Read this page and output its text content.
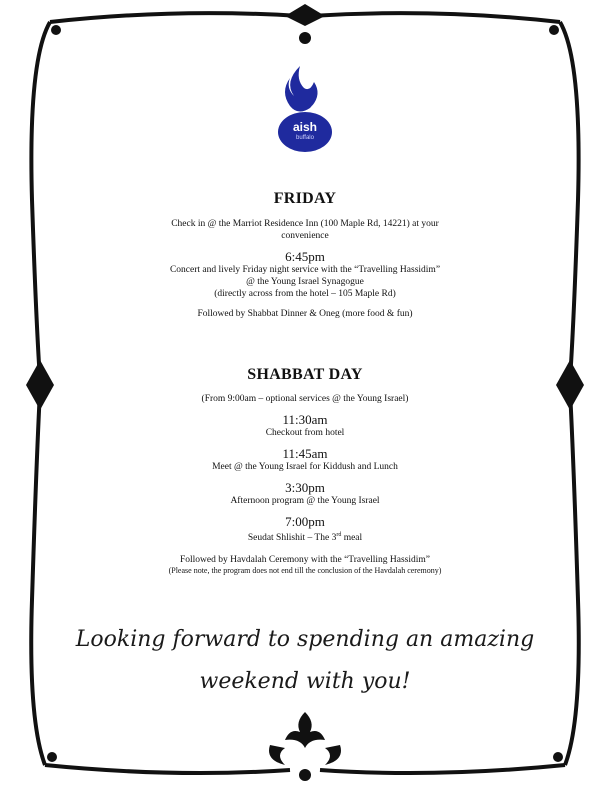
aish
buffalo
FRIDAY

Check in @ the Marriot Residence Inn (100 Maple Rd, 14221) at your

convenience

6:45pm

Concert and lively Friday night service with the “Travelling Hassidim”

@ the Young Israel Synagogue

(directly across from the hotel – 105 Maple Rd)

Followed by Shabbat Dinner & Oneg (more food & fun)

SHABBAT DAY

(From 9:00am – optional services @ the Young Israel)

11:30am

Checkout from hotel

11:45am

Meet @ the Young Israel for Kiddush and Lunch

3:30pm

Afternoon program @ the Young Israel

7:00pm

Seudat Shlishit – The 3rd meal

Followed by Havdalah Ceremony with the “Travelling Hassidim”

(Please note, the program does not end till the conclusion of the Havdalah ceremony)

Looking forward to spending an amazing
weekend with you!
